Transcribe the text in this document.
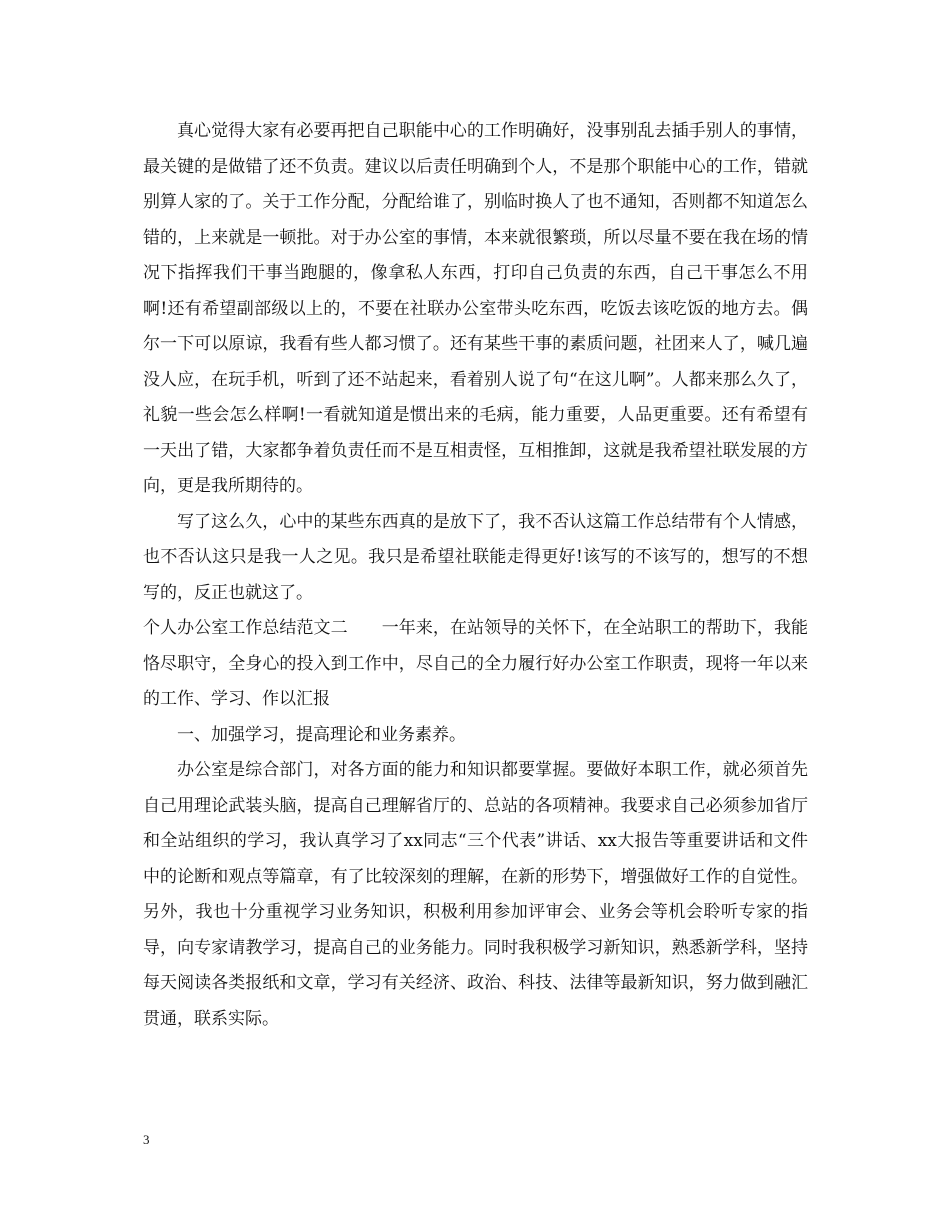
真心觉得大家有必要再把自己职能中心的工作明确好，没事别乱去插手别人的事情，最关键的是做错了还不负责。建议以后责任明确到个人，不是那个职能中心的工作，错就别算人家的了。关于工作分配，分配给谁了，别临时换人了也不通知，否则都不知道怎么错的，上来就是一顿批。对于办公室的事情，本来就很繁琐，所以尽量不要在我在场的情况下指挥我们干事当跑腿的，像拿私人东西，打印自己负责的东西，自己干事怎么不用啊!还有希望副部级以上的，不要在社联办公室带头吃东西，吃饭去该吃饭的地方去。偶尔一下可以原谅，我看有些人都习惯了。还有某些干事的素质问题，社团来人了，喊几遍没人应，在玩手机，听到了还不站起来，看着别人说了句“在这儿啊”。人都来那么久了，礼貌一些会怎么样啊!一看就知道是惯出来的毛病，能力重要，人品更重要。还有希望有一天出了错，大家都争着负责任而不是互相责怪，互相推卸，这就是我希望社联发展的方向，更是我所期待的。

写了这么久，心中的某些东西真的是放下了，我不否认这篇工作总结带有个人情感，也不否认这只是我一人之见。我只是希望社联能走得更好!该写的不该写的，想写的不想写的，反正也就这了。

个人办公室工作总结范文二　　一年来，在站领导的关怀下，在全站职工的帮助下，我能恪尽职守，全身心的投入到工作中，尽自己的全力履行好办公室工作职责，现将一年以来的工作、学习、作以汇报

一、加强学习，提高理论和业务素养。

办公室是综合部门，对各方面的能力和知识都要掌握。要做好本职工作，就必须首先自己用理论武装头脑，提高自己理解省厅的、总站的各项精神。我要求自己必须参加省厅和全站组织的学习，我认真学习了xx同志“三个代表”讲话、xx大报告等重要讲话和文件中的论断和观点等篇章，有了比较深刻的理解，在新的形势下，增强做好工作的自觉性。另外，我也十分重视学习业务知识，积极利用参加评审会、业务会等机会聆听专家的指导，向专家请教学习，提高自己的业务能力。同时我积极学习新知识，熟悉新学科，坚持每天阅读各类报纸和文章，学习有关经济、政治、科技、法律等最新知识，努力做到融汇贯通，联系实际。

3
